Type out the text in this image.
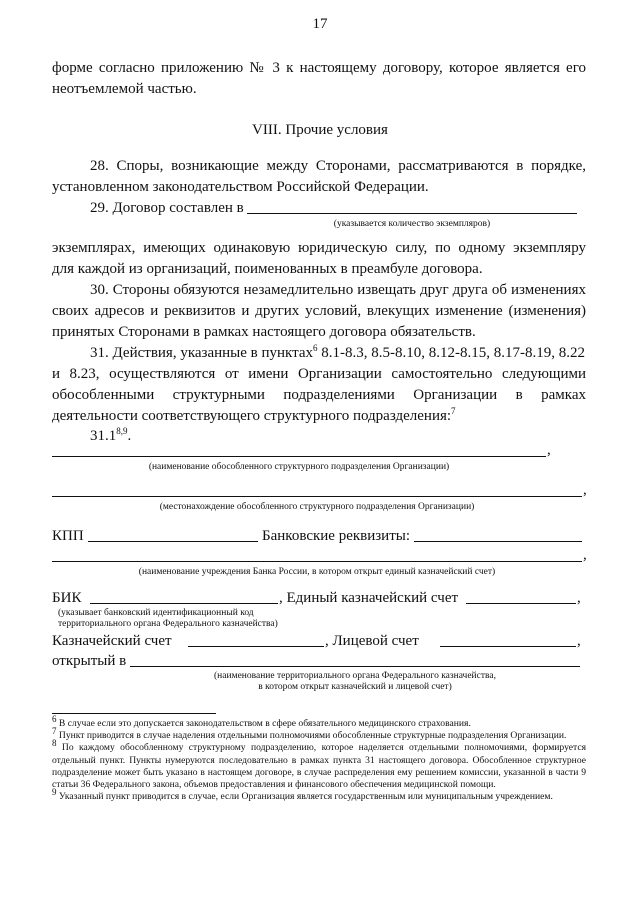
17
форме согласно приложению № 3 к настоящему договору, которое является его
неотъемлемой частью.
VIII. Прочие условия
28. Споры, возникающие между Сторонами, рассматриваются в порядке,
установленном законодательством Российской Федерации.
29. Договор составлен в
(указывается количество экземпляров)
экземплярах, имеющих одинаковую юридическую силу, по одному экземпляру
для каждой из организаций, поименованных в преамбуле договора.
30. Стороны обязуются незамедлительно извещать друг друга об изменениях
своих адресов и реквизитов и других условий, влекущих изменение (изменения)
принятых Сторонами в рамках настоящего договора обязательств.
31. Действия, указанные в пунктах$^6$ 8.1-8.3, 8.5-8.10, 8.12-8.15, 8.17-8.19, 8.22
и 8.23, осуществляются от имени Организации самостоятельно следующими
обособленными структурными подразделениями Организации в рамках
деятельности соответствующего структурного подразделения:$^7$
31.1$^{8,9}$.
,
(наименование обособленного структурного подразделения Организации)
,
(местонахождение обособленного структурного подразделения Организации)
КПП	Банковские реквизиты:
,
(наименование учреждения Банка России, в котором открыт единый казначейский счет)
БИК	, Единый казначейский счет	,
(указывает банковский идентификационный код
территориального органа Федерального казначейства)
Казначейский счет	, Лицевой счет	,
открытый в
(наименование территориального органа Федерального казначейства,
в котором открыт казначейский и лицевой счет)

$^6$ В случае если это допускается законодательством в сфере обязательного медицинского страхования.

$^7$ Пункт приводится в случае наделения отдельными полномочиями обособленные структурные подразделения Организации.

$^8$ По каждому обособленному структурному подразделению, которое наделяется отдельными полномочиями, формируется отдельный пункт. Пункты нумеруются последовательно в рамках пункта 31 настоящего договора. Обособленное структурное подразделение может быть указано в настоящем договоре, в случае распределения ему решением комиссии, указанной в части 9 статьи 36 Федерального закона, объемов предоставления и финансового обеспечения медицинской помощи.

$^9$ Указанный пункт приводится в случае, если Организация является государственным или муниципальным учреждением.
